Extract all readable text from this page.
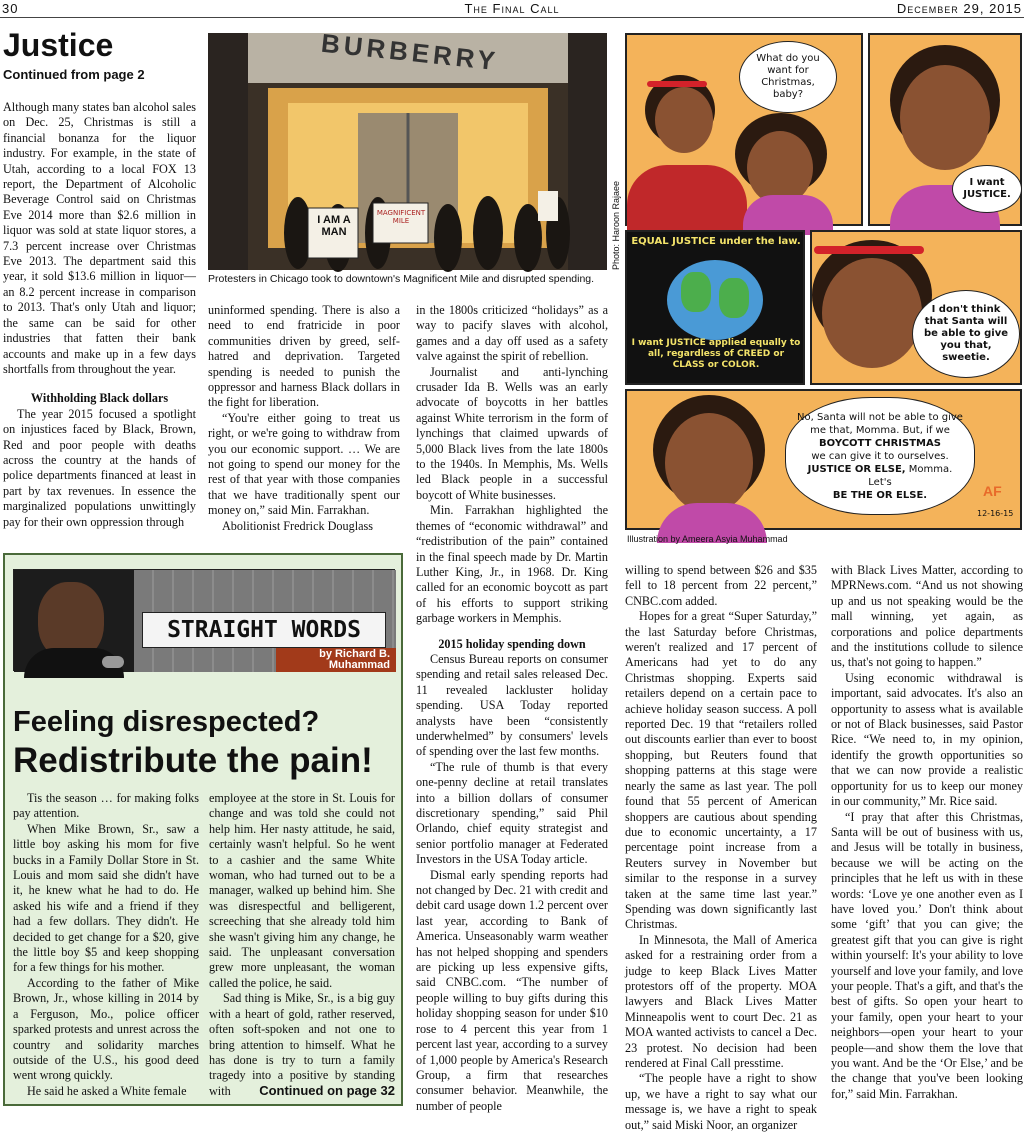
30	The Final Call	December 29, 2015
Justice
Continued from page 2

Although many states ban alcohol sales on Dec. 25, Christmas is still a financial bonanza for the liquor industry. For example, in the state of Utah, according to a local FOX 13 report, the Department of Alcoholic Beverage Control said on Christmas Eve 2014 more than $2.6 million in liquor was sold at state liquor stores, a 7.3 percent increase over Christmas Eve 2013. The department said this year, it sold $13.6 million in liquor—an 8.2 percent increase in comparison to 2013. That's only Utah and liquor; the same can be said for other industries that fatten their bank accounts and make up in a few days shortfalls from throughout the year.

Withholding Black dollars

The year 2015 focused a spotlight on injustices faced by Black, Brown, Red and poor people with deaths across the country at the hands of police departments financed at least in part by tax revenues. In essence the marginalized populations unwittingly pay for their own oppression through

BURBERRY
I AM A MAN
MAGNIFICENT MILE	Photo: Haroon Rajaee
Protesters in Chicago took to downtown's Magnificent Mile and disrupted spending.

uninformed spending. There is also a need to end fratricide in poor communities driven by greed, self-hatred and deprivation. Targeted spending is needed to punish the oppressor and harness Black dollars in the fight for liberation.

“You're either going to treat us right, or we're going to withdraw from you our economic support. … We are not going to spend our money for the rest of that year with those companies that we have traditionally spent our money on,” said Min. Farrakhan.

Abolitionist Fredrick Douglass

in the 1800s criticized “holidays” as a way to pacify slaves with alcohol, games and a day off used as a safety valve against the spirit of rebellion.

Journalist and anti-lynching crusader Ida B. Wells was an early advocate of boycotts in her battles against White terrorism in the form of lynchings that claimed upwards of 5,000 Black lives from the late 1800s to the 1940s. In Memphis, Ms. Wells led Black people in a successful boycott of White businesses.

Min. Farrakhan highlighted the themes of “economic withdrawal” and “redistribution of the pain” contained in the final speech made by Dr. Martin Luther King, Jr., in 1968. Dr. King called for an economic boycott as part of his efforts to support striking garbage workers in Memphis.

2015 holiday spending down

Census Bureau reports on consumer spending and retail sales released Dec. 11 revealed lackluster holiday spending. USA Today reported analysts have been “consistently underwhelmed” by consumers' levels of spending over the last few months.

“The rule of thumb is that every one-penny decline at retail translates into a billion dollars of consumer discretionary spending,” said Phil Orlando, chief equity strategist and senior portfolio manager at Federated Investors in the USA Today article.

Dismal early spending reports had not changed by Dec. 21 with credit and debit card usage down 1.2 percent over last year, according to Bank of America. Unseasonably warm weather has not helped shopping and spenders are picking up less expensive gifts, said CNBC.com. “The number of people willing to buy gifts during this holiday shopping season for under $10 rose to 4 percent this year from 1 percent last year, according to a survey of 1,000 people by America's Research Group, a firm that researches consumer behavior. Meanwhile, the number of people

What do you want for Christmas, baby?
I want JUSTICE.
EQUAL JUSTICE under the law.
I want JUSTICE applied equally to all, regardless of CREED or CLASS or COLOR.
I don't think that Santa will be able to give you that, sweetie.
No, Santa will not be able to give me that, Momma. But, if we
BOYCOTT CHRISTMAS
we can give it to ourselves.
JUSTICE OR ELSE, Momma. Let's
BE THE OR ELSE.	AF
12-16-15
Illustration by Ameera Asyia Muhammad

willing to spend between $26 and $35 fell to 18 percent from 22 percent,” CNBC.com added.

Hopes for a great “Super Saturday,” the last Saturday before Christmas, weren't realized and 17 percent of Americans had yet to do any Christmas shopping. Experts said retailers depend on a certain pace to achieve holiday season success. A poll reported Dec. 19 that “retailers rolled out discounts earlier than ever to boost shopping, but Reuters found that shopping patterns at this stage were nearly the same as last year. The poll found that 55 percent of American shoppers are cautious about spending due to economic uncertainty, a 17 percentage point increase from a Reuters survey in November but similar to the response in a survey taken at the same time last year.” Spending was down significantly last Christmas.

In Minnesota, the Mall of America asked for a restraining order from a judge to keep Black Lives Matter protestors off of the property. MOA lawyers and Black Lives Matter Minneapolis went to court Dec. 21 as MOA wanted activists to cancel a Dec. 23 protest. No decision had been rendered at Final Call presstime.

“The people have a right to show up, we have a right to say what our message is, we have a right to speak out,” said Miski Noor, an organizer

with Black Lives Matter, according to MPRNews.com. “And us not showing up and us not speaking would be the mall winning, yet again, as corporations and police departments and the institutions collude to silence us, that's not going to happen.”

Using economic withdrawal is important, said advocates. It's also an opportunity to assess what is available or not of Black businesses, said Pastor Rice. “We need to, in my opinion, identify the growth opportunities so that we can now provide a realistic opportunity for us to keep our money in our community,” Mr. Rice said.

“I pray that after this Christmas, Santa will be out of business with us, and Jesus will be totally in business, because we will be acting on the principles that he left us with in these words: ‘Love ye one another even as I have loved you.’ Don't think about some ‘gift’ that you can give; the greatest gift that you can give is right within yourself: It's your ability to love yourself and love your family, and love your people. That's a gift, and that's the best of gifts. So open your heart to your family, open your heart to your neighbors—open your heart to your people—and show them the love that you want. And be the ‘Or Else,’ and be the change that you've been looking for,” said Min. Farrakhan.

STRAIGHT WORDS
by Richard B.
Muhammad
Feeling disrespected?
Redistribute the pain!

Tis the season … for making folks pay attention.

When Mike Brown, Sr., saw a little boy asking his mom for five bucks in a Family Dollar Store in St. Louis and mom said she didn't have it, he knew what he had to do. He asked his wife and a friend if they had a few dollars. They didn't. He decided to get change for a $20, give the little boy $5 and keep shopping for a few things for his mother.

According to the father of Mike Brown, Jr., whose killing in 2014 by a Ferguson, Mo., police officer sparked protests and unrest across the country and solidarity marches outside of the U.S., his good deed went wrong quickly.

He said he asked a White female

employee at the store in St. Louis for change and was told she could not help him. Her nasty attitude, he said, certainly wasn't helpful. So he went to a cashier and the same White woman, who had turned out to be a manager, walked up behind him. She was disrespectful and belligerent, screeching that she already told him she wasn't giving him any change, he said. The unpleasant conversation grew more unpleasant, the woman called the police, he said.

Sad thing is Mike, Sr., is a big guy with a heart of gold, rather reserved, often soft-spoken and not one to bring attention to himself. What he has done is try to turn a family tragedy into a positive by standing with	Continued on page 32
